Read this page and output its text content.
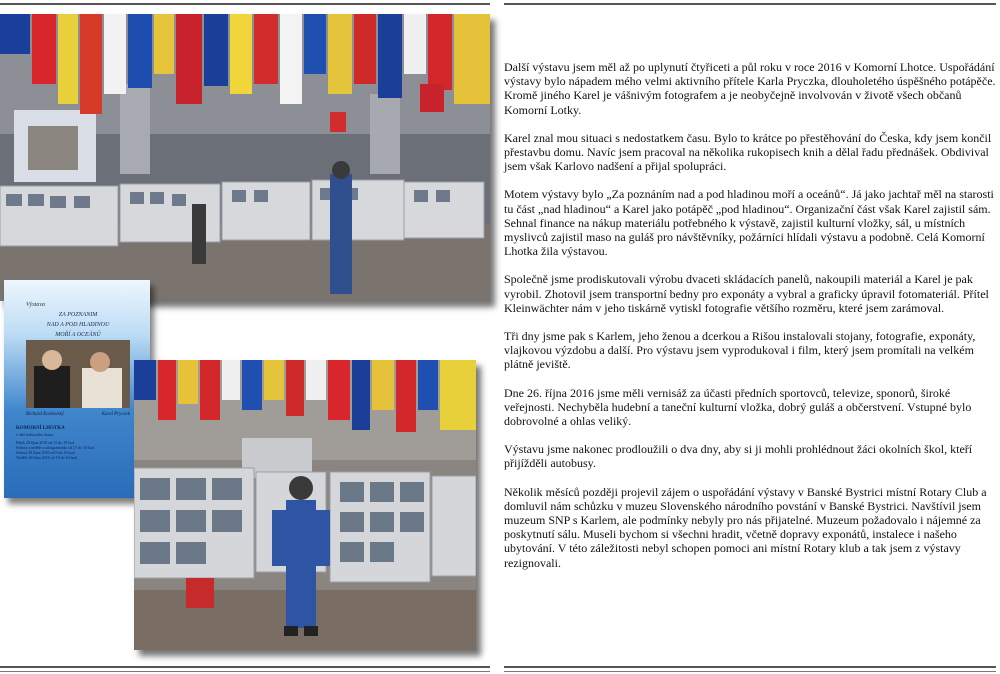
Výstava
ZA POZNANIM
NAD A POD HLADINOU
MOŘÍ A OCEÁNŮ
Richard Konkolský	Karel Pryczek
KOMORNÍ LHOTKA
v sále kulturního domu
Pátek 28.října 2016 od 15 do 18 hod.
Sobota a neděle a autogramiáda od 17 do 18 hod.
Sobota 29.října 2016 od 9 do 18 hod.
Neděle 30.října 2016 od 10 do 16 hod.

Další výstavu jsem měl až po uplynutí čtyřiceti a půl roku v roce 2016 v Komorní Lhotce. Uspořádání výstavy bylo nápadem mého velmi aktivního přítele Karla Pryczka, dlouholetého úspěšného potápěče. Kromě jiného Karel je vášnivým fotografem a je neobyčejně involvován v životě všech občanů Komorní Lotky.

Karel znal mou situaci s nedostatkem času. Bylo to krátce po přestěhování do Česka, kdy jsem končil přestavbu domu. Navíc jsem pracoval na několika rukopisech knih a dělal řadu přednášek. Obdivival jsem však Karlovo nadšení a přijal spolupráci.

Motem výstavy bylo „Za poznáním nad a pod hladinou moří a oceánů“. Já jako jachtař měl na starosti tu část „nad hladinou“ a Karel jako potápěč „pod hladinou“. Organizační část však Karel zajistil sám. Sehnal finance na nákup materiálu potřebného k výstavě, zajistil kulturní vložky, sál, u místních myslivců zajistil maso na guláš pro návštěvníky, požárníci hlídali výstavu a podobně. Celá Komorní Lhotka žila výstavou.

Společně jsme prodiskutovali výrobu dvaceti skládacích panelů, nakoupili materiál a Karel je pak vyrobil. Zhotovil jsem transportní bedny pro exponáty a vybral a graficky úpravil fotomateriál. Přítel Kleinwächter nám v jeho tiskárně vytiskl fotografie většího rozměru, které jsem zarámoval.

Tři dny jsme pak s Karlem, jeho ženou a dcerkou a Rišou instalovali stojany, fotografie, exponáty, vlajkovou výzdobu a další. Pro výstavu jsem vyprodukoval i film, který jsem promítali na velkém plátně jeviště.

Dne 26. října 2016 jsme měli vernisáž za účasti předních sportovců, televize, sponorů, široké veřejnosti. Nechyběla hudební a taneční kulturní vložka, dobrý guláš a občerstvení. Vstupné bylo dobrovolné a ohlas veliký.

Výstavu jsme nakonec prodloužili o dva dny, aby si ji mohli prohlédnout žáci okolních škol, kteří přijížděli autobusy.

Několik měsíců později projevil zájem o uspořádání výstavy v Banské Bystrici místní Rotary Club a domluvil nám schůzku v muzeu Slovenského národního povstání v Banské Bystrici. Navštívil jsem muzeum SNP s Karlem, ale podmínky nebyly pro nás přijatelné. Muzeum požadovalo i nájemné za poskytnutí sálu. Museli bychom si všechni hradit, včetně dopravy exponátů, instalece i našeho ubytování. V této záležitosti nebyl schopen pomoci ani místní Rotary klub a tak jsem z výstavy rezignovali.
